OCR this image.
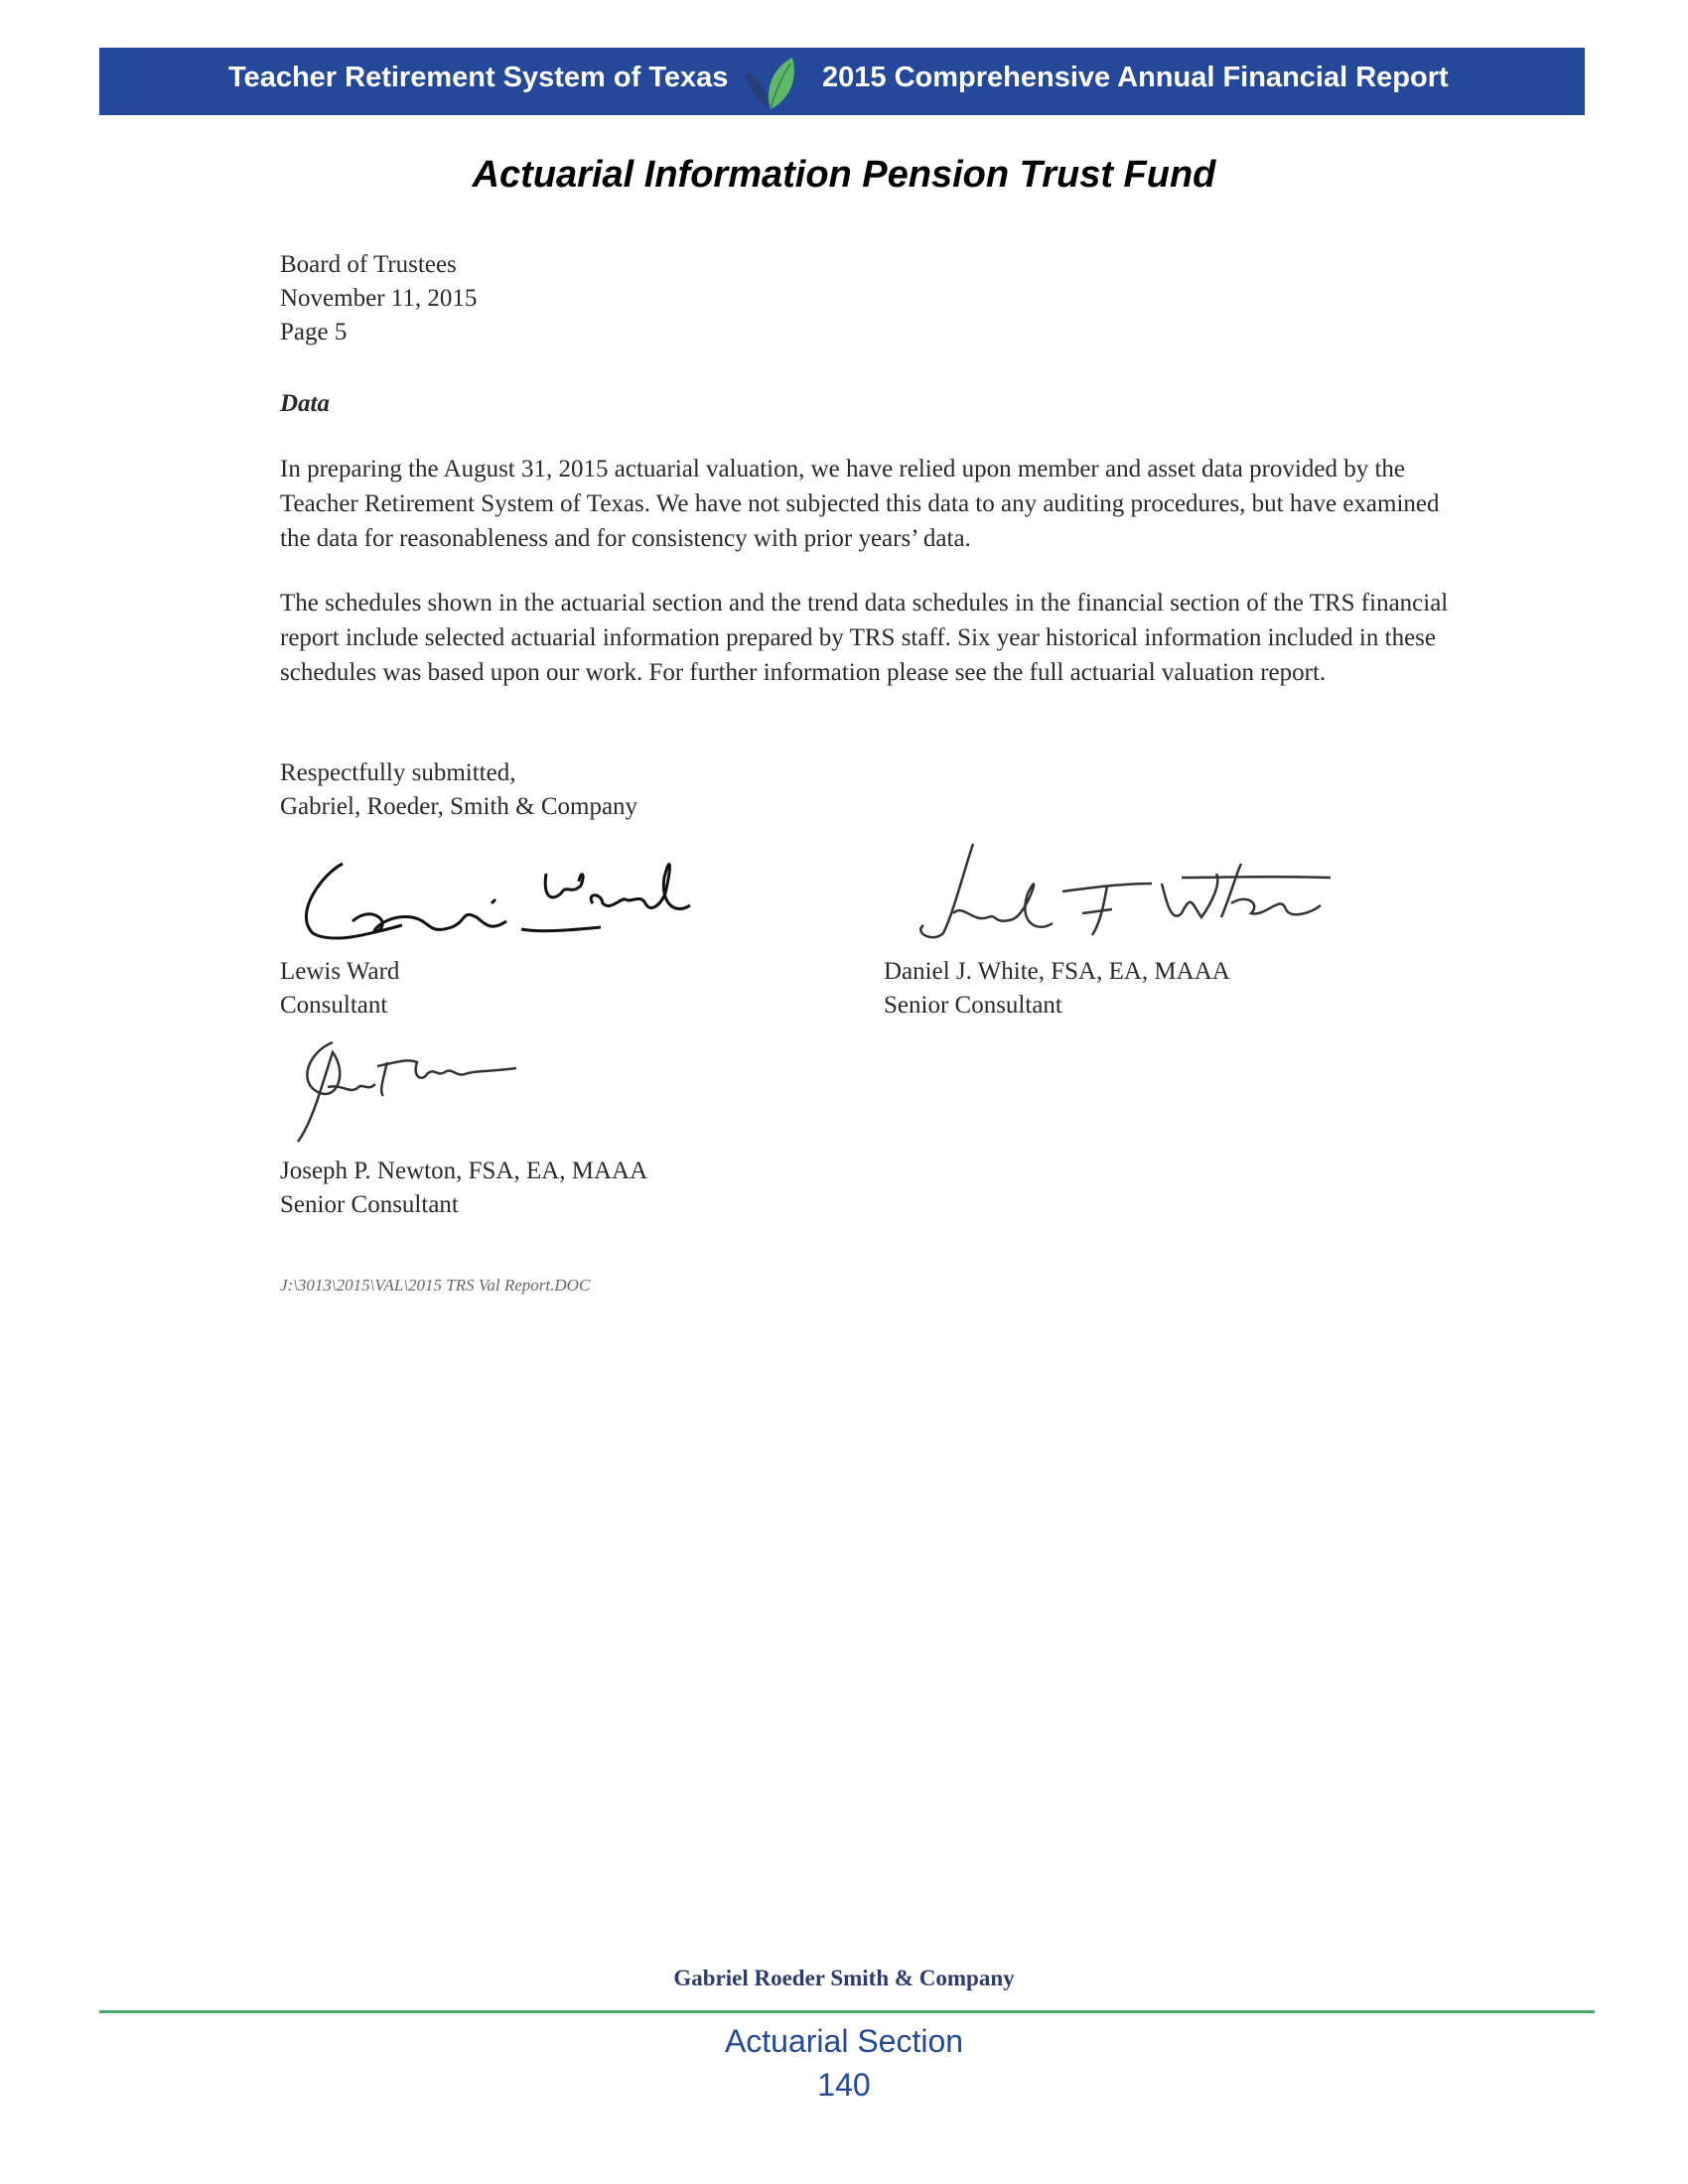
Teacher Retirement System of Texas	2015 Comprehensive Annual Financial Report
Actuarial Information Pension Trust Fund
Board of Trustees
November 11, 2015
Page 5
Data
In preparing the August 31, 2015 actuarial valuation, we have relied upon member and asset data provided by the Teacher Retirement System of Texas. We have not subjected this data to any auditing procedures, but have examined the data for reasonableness and for consistency with prior years’ data.
The schedules shown in the actuarial section and the trend data schedules in the financial section of the TRS financial report include selected actuarial information prepared by TRS staff. Six year historical information included in these schedules was based upon our work. For further information please see the full actuarial valuation report.
Respectfully submitted,
Gabriel, Roeder, Smith & Company
Lewis Ward
Consultant
Daniel J. White, FSA, EA, MAAA
Senior Consultant
Joseph P. Newton, FSA, EA, MAAA
Senior Consultant
J:\3013\2015\VAL\2015 TRS Val Report.DOC
Gabriel Roeder Smith & Company
Actuarial Section
140
